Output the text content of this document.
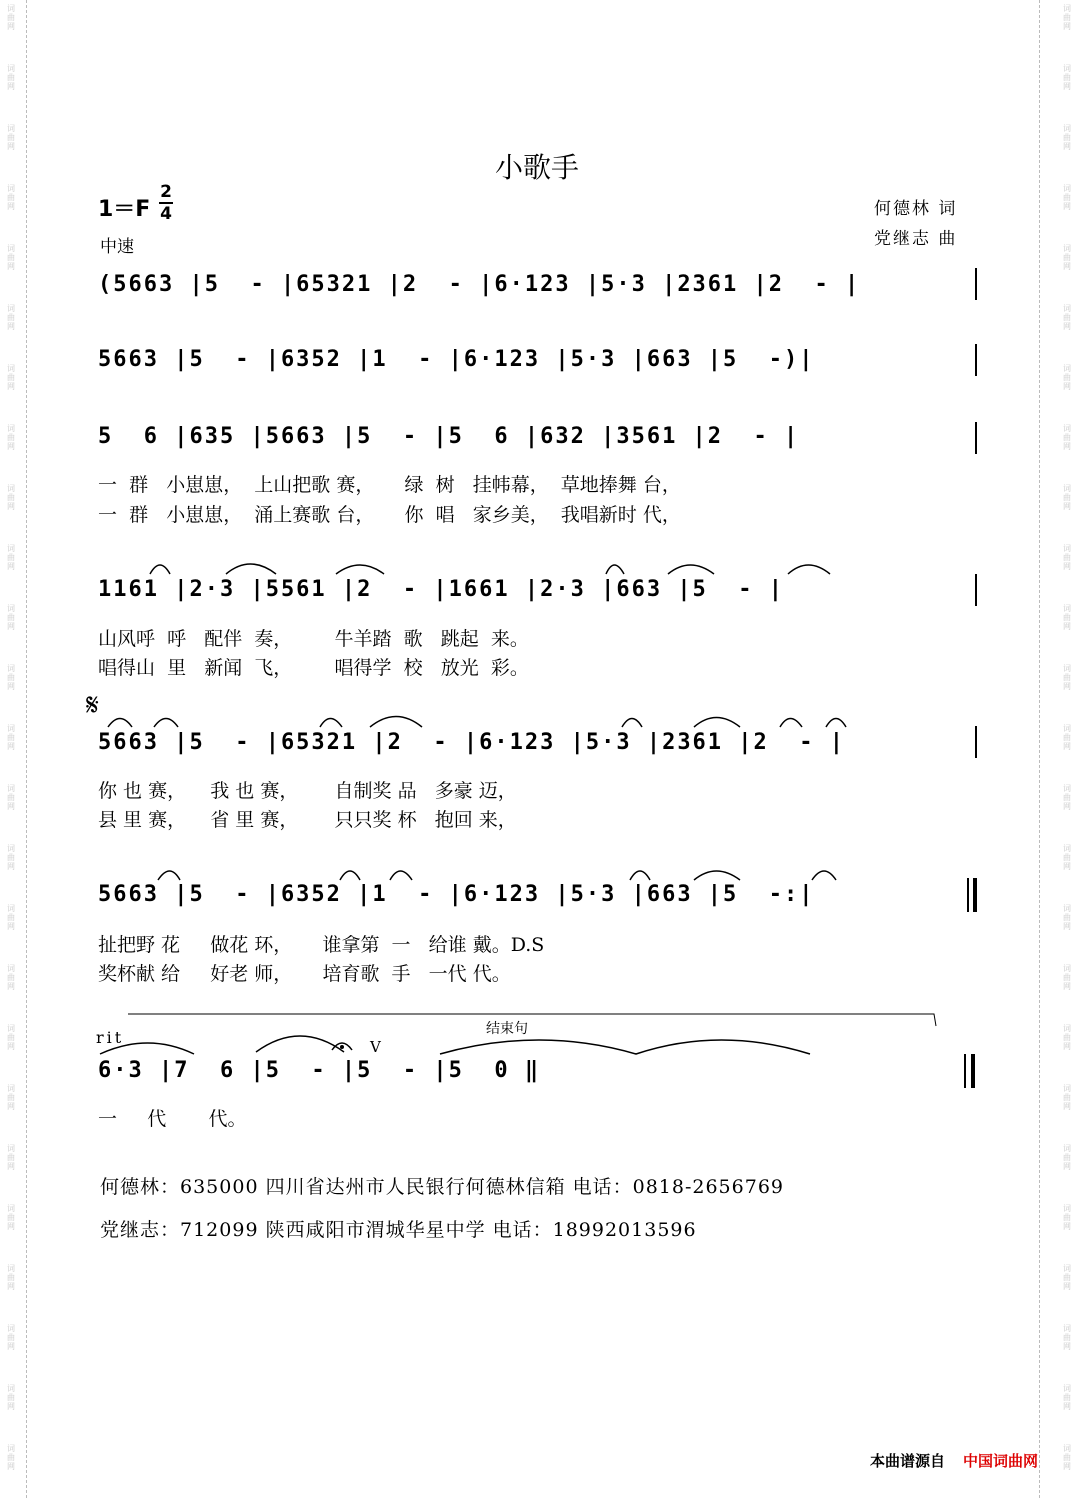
词
曲
网
词
曲
网
词
曲
网
词
曲
网
词
曲
网
词
曲
网
词
曲
网
词
曲
网
词
曲
网
词
曲
网
词
曲
网
词
曲
网
词
曲
网
词
曲
网
词
曲
网
词
曲
网
词
曲
网
词
曲
网
词
曲
网
词
曲
网
词
曲
网
词
曲
网
词
曲
网
词
曲
网
词
曲
网
词
曲
网
词
曲
网
词
曲
网
词
曲
网
词
曲
网
词
曲
网
词
曲
网
词
曲
网
词
曲
网
词
曲
网
词
曲
网
词
曲
网
词
曲
网
词
曲
网
词
曲
网
词
曲
网
词
曲
网
词
曲
网
词
曲
网
词
曲
网
词
曲
网
词
曲
网
词
曲
网
词
曲
网
词
曲
网
小歌手
1＝F
2
4
中速
何德林 词
党继志 曲
(5663 |5  - |65321 |2  - |6·123 |5·3 |2361 |2  - |
5663 |5  - |6352 |1  - |6·123 |5·3 |663 |5  -)|
5  6 |635 |5663 |5  - |5  6 |632 |3561 |2  - |
一  群   小崽崽，  上山把歌 赛，     绿  树   挂帏幕，  草地捧舞 台，
一  群   小崽崽，  涌上赛歌 台，     你  唱   家乡美，  我唱新时 代，
1161 |2·3 |5561 |2  - |1661 |2·3 |663 |5  - |
山风呼  呼   配伴  奏，       牛羊踏  歌   跳起  来。
唱得山  里   新闻  飞，       唱得学  校   放光  彩。
𝄋
5663 |5  - |65321 |2  - |6·123 |5·3 |2361 |2  - |
你 也 赛，    我 也 赛，      自制奖 品   多豪 迈，
县 里 赛，    省 里 赛，      只只奖 杯   抱回 来，
5663 |5  - |6352 |1  - |6·123 |5·3 |663 |5  -:|
扯把野 花     做花 环，     谁拿第  一   给谁 戴。D.S
奖杯献 给     好老 师，     培育歌  手   一代 代。
rit	结束句
V
6·3 |7  6 |5  - |5  - |5  0 ‖
一     代       代。
何德林：635000 四川省达州市人民银行何德林信箱 电话：0818-2656769
党继志：712099 陕西咸阳市渭城华星中学 电话：18992013596
本曲谱源自 中国词曲网
